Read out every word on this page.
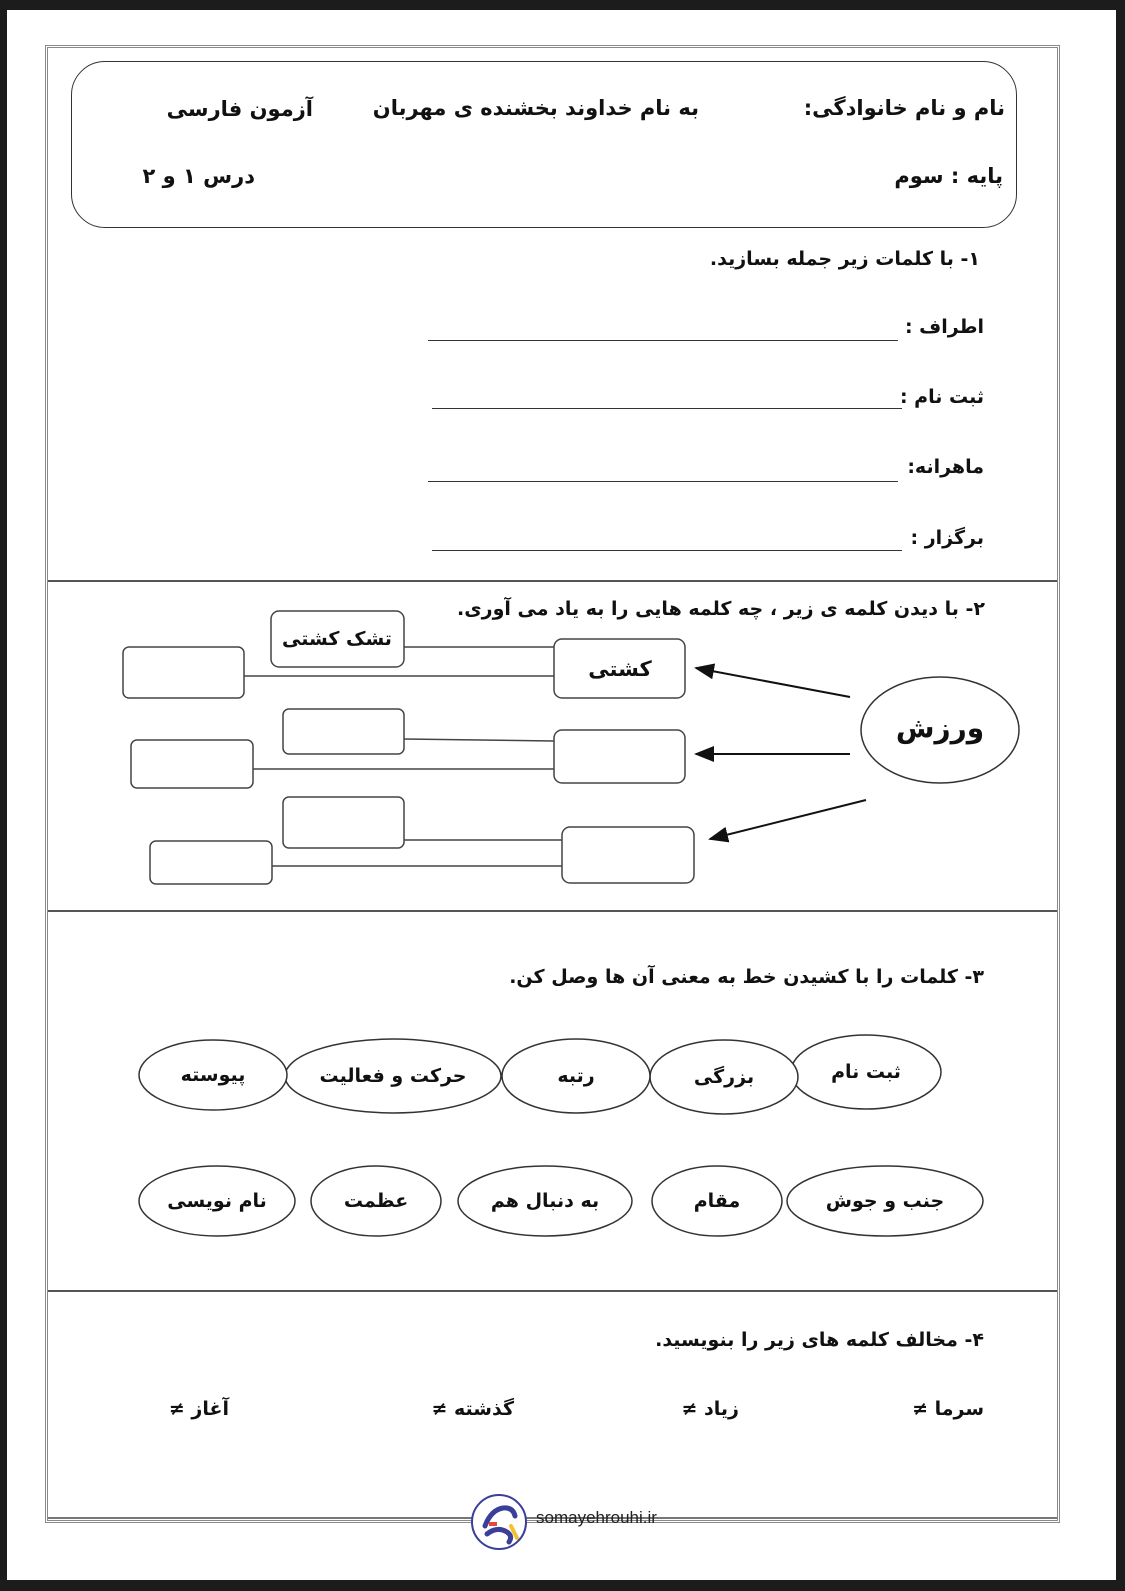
نام و نام خانوادگی:
به نام خداوند بخشنده ی مهربان
آزمون فارسی
پایه : سوم
درس ۱ و ۲
۱- با کلمات زیر جمله بسازید.
اطراف :
ثبت نام :
ماهرانه:
برگزار :
۲- با دیدن کلمه ی زیر ، چه کلمه هایی را به یاد می آوری.
ورزش
کشتی
تشک کشتی
۳- کلمات را با کشیدن خط به معنی آن ها وصل کن.
ثبت نام
بزرگی
رتبه
حرکت و فعالیت
پیوسته
جنب و جوش
مقام
به دنبال هم
عظمت
نام نویسی
۴- مخالف کلمه های زیر را بنویسید.
سرما ≠
زیاد ≠
گذشته ≠
آغاز ≠
somayehrouhi.ir
